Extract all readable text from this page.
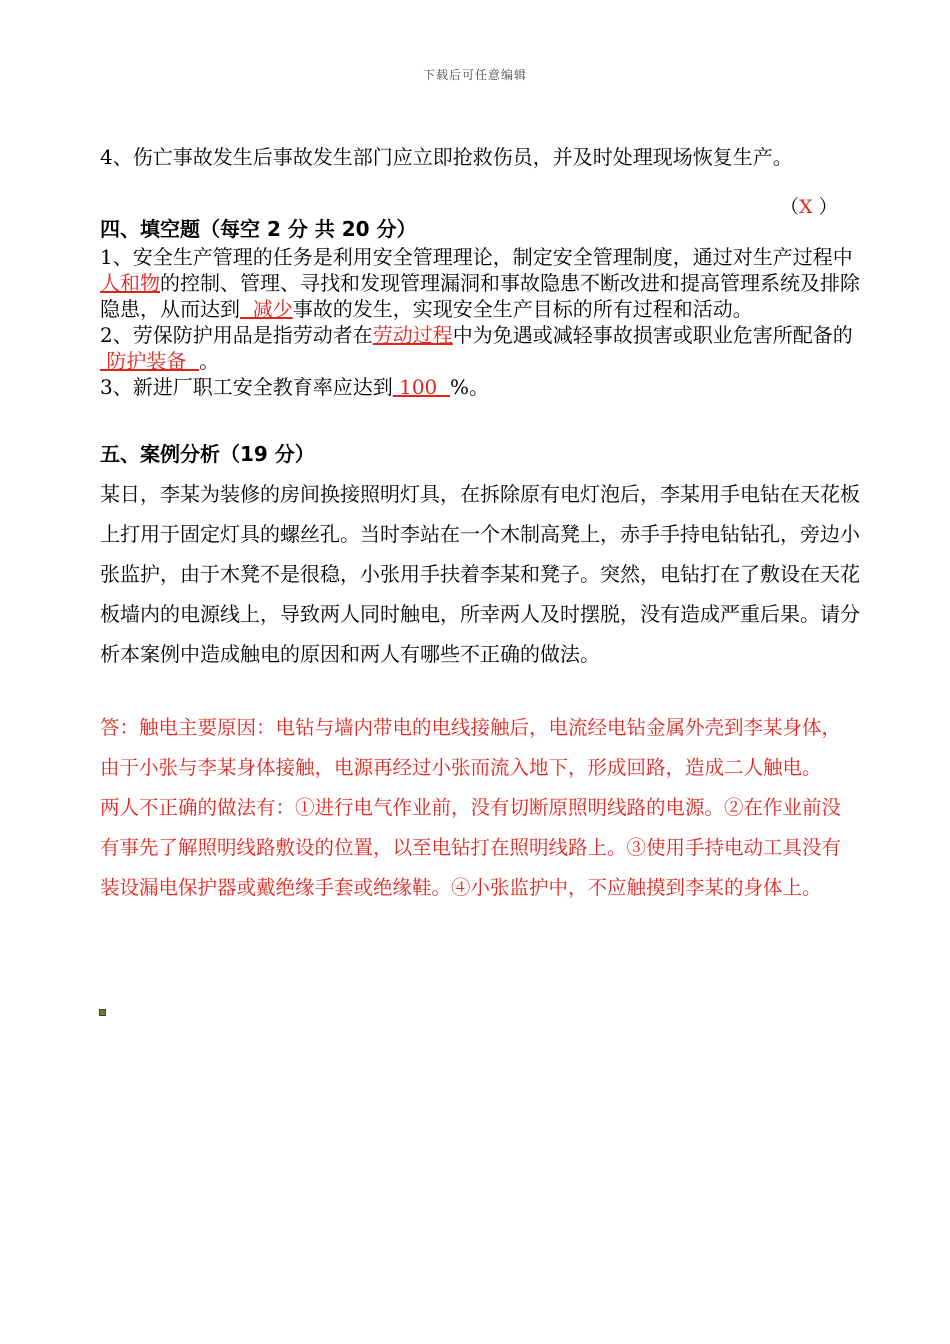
下载后可任意编辑
4、伤亡事故发生后事故发生部门应立即抢救伤员，并及时处理现场恢复生产。
（X ）
四、填空题（每空 2 分 共 20 分）

1、安全生产管理的任务是利用安全管理理论，制定安全管理制度，通过对生产过程中人和物的控制、管理、寻找和发现管理漏洞和事故隐患不断改进和提高管理系统及排除隐患，从而达到  减少事故的发生，实现安全生产目标的所有过程和活动。

2、劳保防护用品是指劳动者在劳动过程中为免遇或减轻事故损害或职业危害所配备的 防护装备  。

3、新进厂职工安全教育率应达到 100  %。

五、案例分析（19 分）

某日，李某为装修的房间换接照明灯具，在拆除原有电灯泡后，李某用手电钻在天花板上打用于固定灯具的螺丝孔。当时李站在一个木制高凳上，赤手手持电钻钻孔，旁边小张监护，由于木凳不是很稳，小张用手扶着李某和凳子。突然，电钻打在了敷设在天花板墙内的电源线上，导致两人同时触电，所幸两人及时摆脱，没有造成严重后果。请分析本案例中造成触电的原因和两人有哪些不正确的做法。

答：触电主要原因：电钻与墙内带电的电线接触后，电流经电钻金属外壳到李某身体，由于小张与李某身体接触，电源再经过小张而流入地下，形成回路，造成二人触电。

两人不正确的做法有：①进行电气作业前，没有切断原照明线路的电源。②在作业前没有事先了解照明线路敷设的位置，以至电钻打在照明线路上。③使用手持电动工具没有装设漏电保护器或戴绝缘手套或绝缘鞋。④小张监护中，不应触摸到李某的身体上。
